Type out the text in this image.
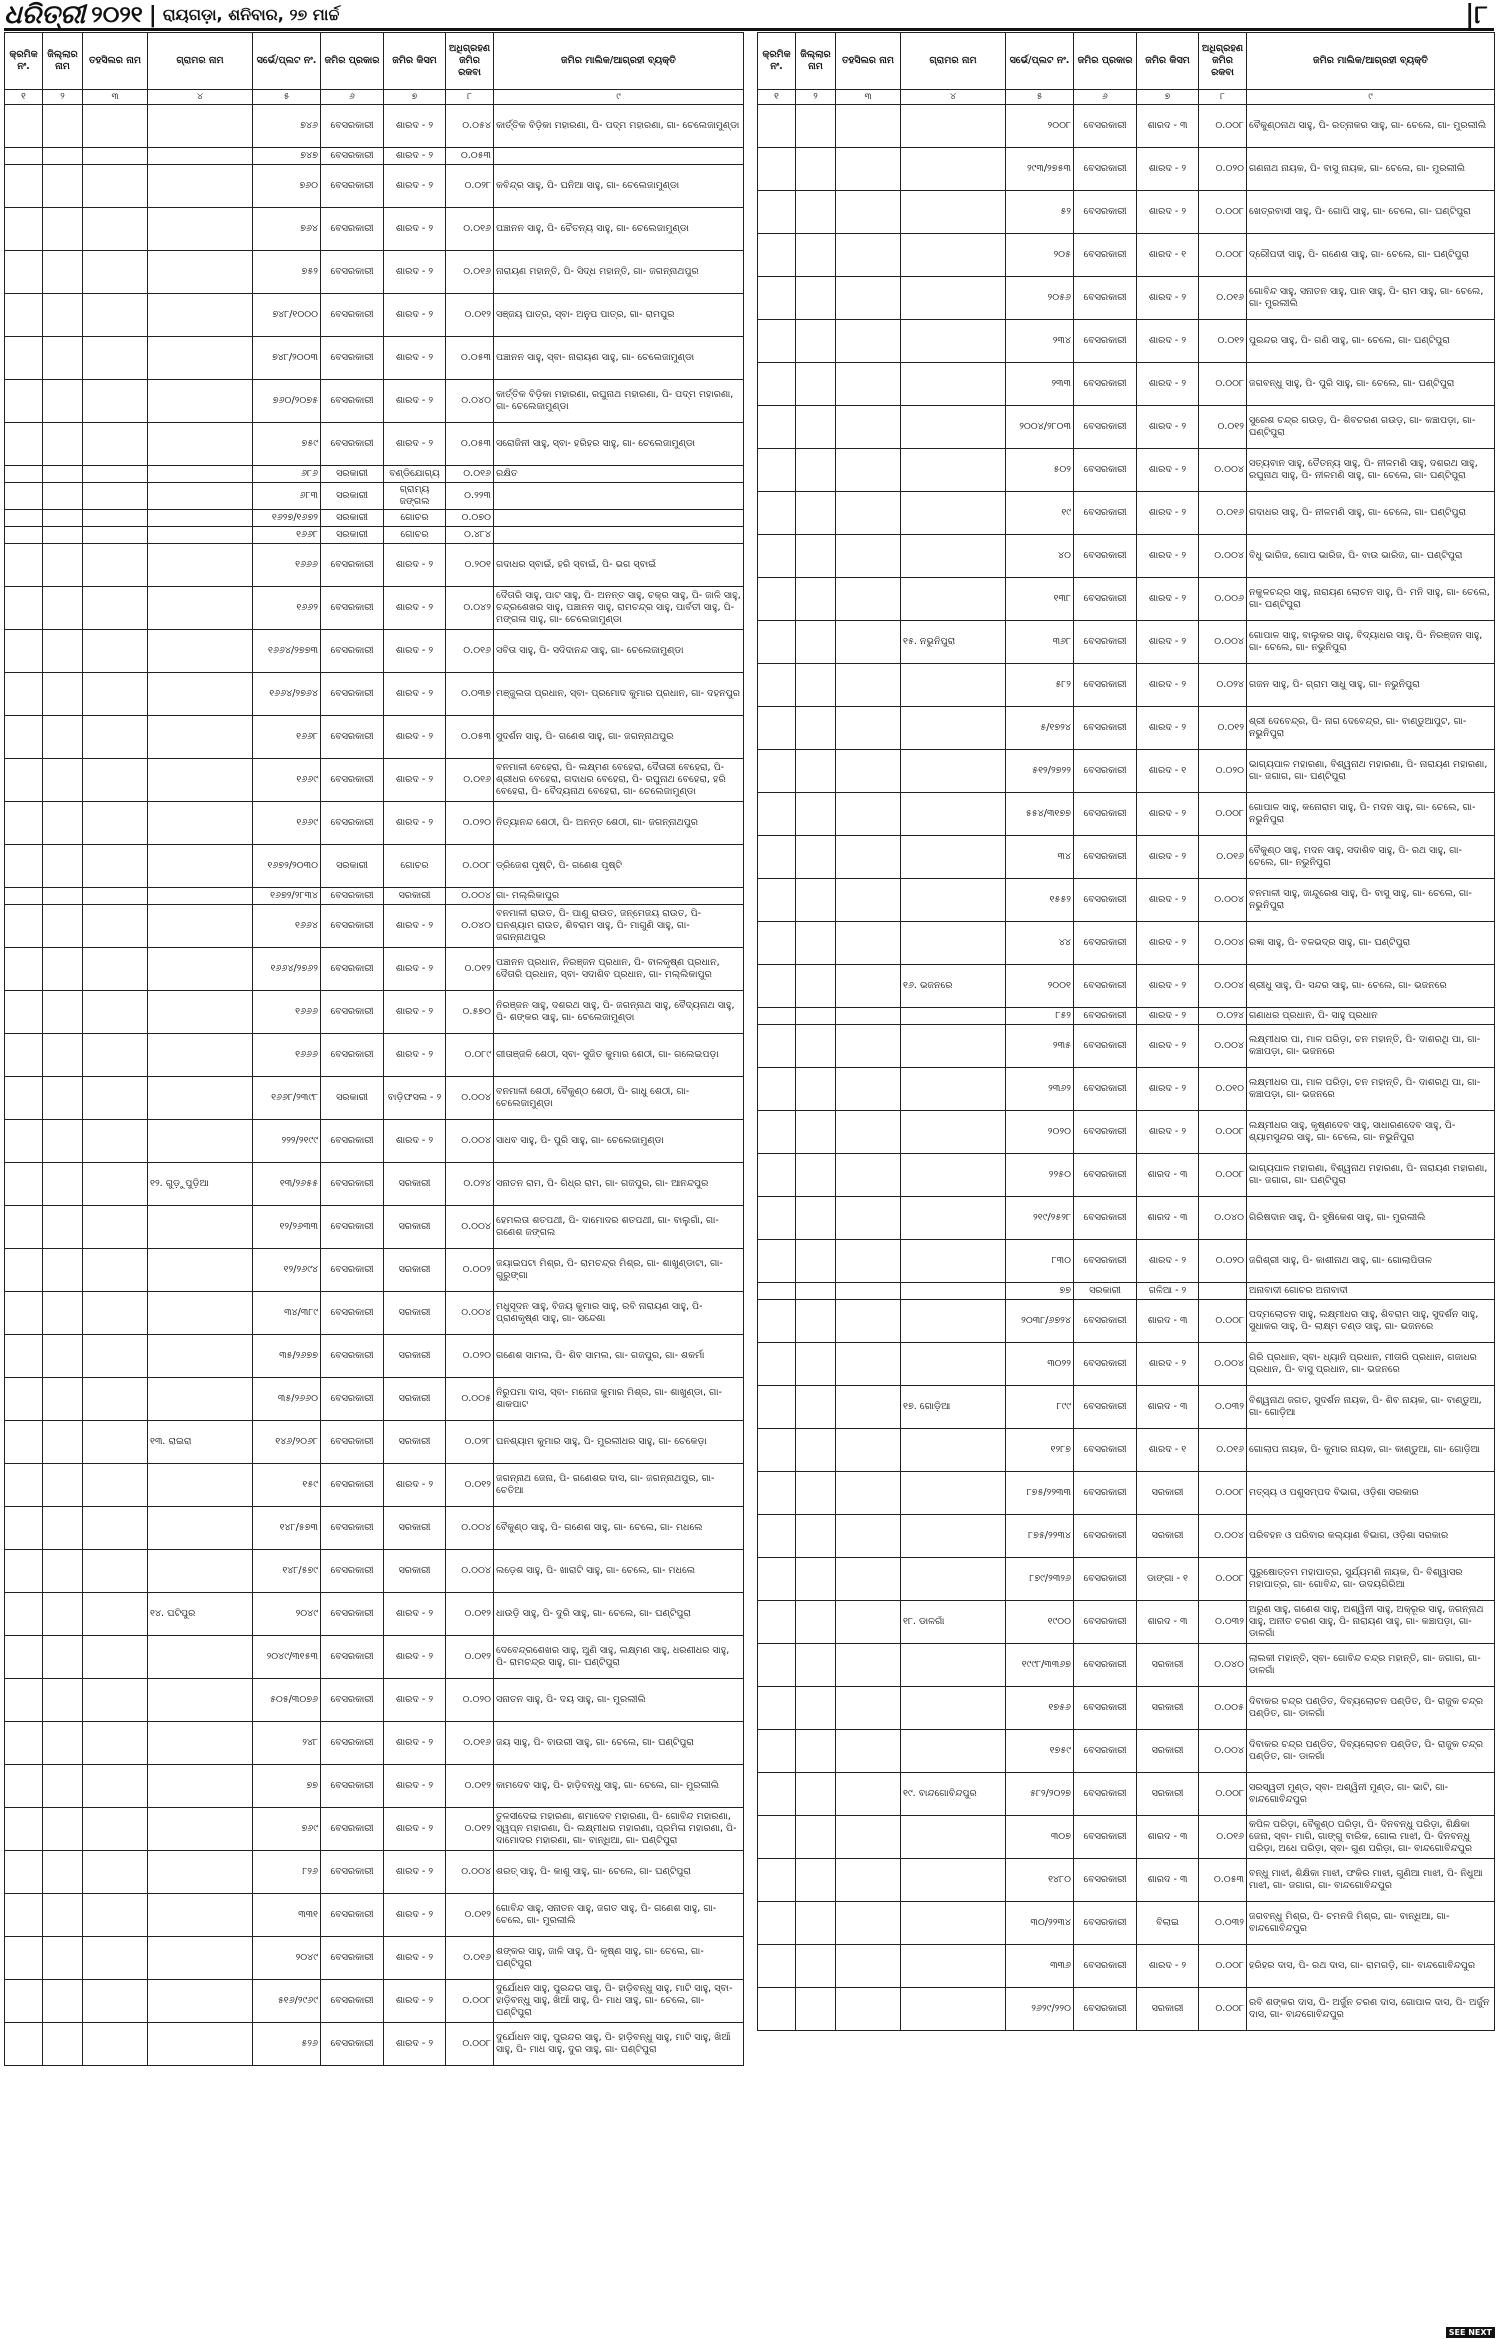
ଧରିତ୍ରୀ ୨୦୨୧ | ରାୟଗଡ଼ା, ଶନିବାର, ୨୭ ମାର୍ଚ୍ଚ	|୮
କ୍ରମିକ ନଂ.	ଜିଲ୍ଲାର ନାମ	ତହସିଲର ନାମ	ଗ୍ରାମର ନାମ	ସର୍ଭେ/ପ୍ଲଟ ନଂ.	ଜମିର ପ୍ରକାର	ଜମିର କିସମ	ଅଧିଗ୍ରହଣ ଜମିର ରକବା	ଜମିର ମାଲିକ/ଆଗ୍ରହୀ ବ୍ୟକ୍ତି
୧	୨	୩	୪	୫	୬	୭	୮	୯
				୭୪୬	ବେସରକାରୀ	ଶାରଦ - ୨	୦.୦୫୪	କାର୍ତ୍ତିକ ବିଡ଼ିକା ମହାରଣା, ପି- ପଦ୍ମ ମହାରଣା, ଗା- ଚେଲେଜାମୁଣ୍ଡା
				୭୪୭	ବେସରକାରୀ	ଶାରଦ - ୨	୦.୦୫୩	
				୭୬୦	ବେସରକାରୀ	ଶାରଦ - ୨	୦.୦୨୮	କବିନ୍ଦ୍ର ସାହୁ, ପି- ଘନିଆ ସାହୁ, ଗା- ଚେଲେଜାମୁଣ୍ଡା
				୭୬୪	ବେସରକାରୀ	ଶାରଦ - ୨	୦.୦୧୬	ପଞ୍ଚାନନ ସାହୁ, ପି- ଚୈତନ୍ୟ ସାହୁ, ଗା- ଚେଲେଜାମୁଣ୍ଡା
				୭୫୨	ବେସରକାରୀ	ଶାରଦ - ୨	୦.୦୧୬	ନାରାୟଣ ମହାନ୍ତି, ପି- ସିଦ୍ଧ ମହାନ୍ତି, ଗା- ଜଗନ୍ନାଥପୁର
				୭୪୮/୧୦୦୦	ବେସରକାରୀ	ଶାରଦ - ୨	୦.୦୧୨	ସଞ୍ଜୟ ପାତ୍ର, ସ୍ବା- ଅନୁପ ପାତ୍ର, ଗା- ରାମପୁର
				୭୪୮/୨୦୦୩	ବେସରକାରୀ	ଶାରଦ - ୨	୦.୦୫୩	ପଞ୍ଚାନନ ସାହୁ, ସ୍ବା- ନାରାୟଣ ସାହୁ, ଗା- ଚେଲେଜାମୁଣ୍ଡା
				୭୬୦/୨୦୭୫	ବେସରକାରୀ	ଶାରଦ - ୨	୦.୦୪୦	କାର୍ତ୍ତିକ ବିଡ଼ିକା ମହାରଣା, ରଘୁନାଥ ମହାରଣା, ପି- ପଦ୍ମ ମହାରଣା, ଗା- ଚେଲେଜାମୁଣ୍ଡା
				୭୫୯	ବେସରକାରୀ	ଶାରଦ - ୨	୦.୦୫୩	ସରୋଜିନୀ ସାହୁ, ସ୍ବା- ହରିହର ସାହୁ, ଗା- ଚେଲେଜାମୁଣ୍ଡା
				୬୮୬	ସରକାରୀ	ବଣ୍ଡିଯୋଗ୍ୟ	୦.୦୧୬	ରକ୍ଷିତ
				୬୮୩	ସରକାରୀ	ଗ୍ରାମ୍ୟ ଜଙ୍ଗଲ	୦.୨୨୩	
				୧୬୨୭/୧୬୭୨	ସରକାରୀ	ଗୋଚର	୦.୦୭୦	
				୧୬୬୮	ସରକାରୀ	ଗୋଚର	୦.୪୮୪	
				୧୬୬୬	ବେସରକାରୀ	ଶାରଦ - ୨	୦.୨୦୧	ଗଦାଧର ସ୍ବାଇଁ, ହରି ସ୍ବାଇଁ, ପି- ଭଗ ସ୍ବାଇଁ
				୧୬୬୨	ବେସରକାରୀ	ଶାରଦ - ୨	୦.୦୪୨	ଦୈତାରି ସାହୁ, ପାଟ ସାହୁ, ପି- ଅନନ୍ତ ସାହୁ, ଚକ୍ର ସାହୁ, ପି- ଜାଳି ସାହୁ, ଚନ୍ଦ୍ରଶେଖର ସାହୁ, ପଞ୍ଚାନନ ସାହୁ, ରାମଚନ୍ଦ୍ର ସାହୁ, ପାର୍ବତୀ ସାହୁ, ପି- ମଙ୍ଗଳା ସାହୁ, ଗା- ଚେଲେଜାମୁଣ୍ଡା
				୧୬୬୪/୨୭୭୩	ବେସରକାରୀ	ଶାରଦ - ୨	୦.୦୧୬	ସବିତା ସାହୁ, ପି- ସଦିଦାନନ୍ଦ ସାହୁ, ଗା- ଚେଲେଜାମୁଣ୍ଡା
				୧୬୬୪/୨୭୬୪	ବେସରକାରୀ	ଶାରଦ - ୨	୦.୦୩୭	ମଞ୍ଜୁଲତା ପ୍ରଧାନ, ସ୍ବା- ପ୍ରମୋଦ କୁମାର ପ୍ରଧାନ, ଗା- ଦହନପୁର
				୧୬୬୮	ବେସରକାରୀ	ଶାରଦ - ୨	୦.୦୫୩	ସୁଦର୍ଶନ ସାହୁ, ପି- ଗଣେଶ ସାହୁ, ଗା- ଜଗନ୍ନାଥପୁର
				୧୬୬୯	ବେସରକାରୀ	ଶାରଦ - ୨	୦.୦୧୬	ବନମାଳୀ ବେହେରା, ପି- ଲକ୍ଷ୍ମଣ ବେହେରା, ଦୈତାରୀ ବେହେରା, ପି- ଶ୍ରୀଧର ବେହେରା, ଗଦାଧର ବେହେରା, ପି- ରଘୁନାଥ ବେହେରା, ହରି ବେହେରା, ପି- ବୈଦ୍ୟନାଥ ବେହେରା, ଗା- ଚେଲେଜାମୁଣ୍ଡା
				୧୬୬୯	ବେସରକାରୀ	ଶାରଦ - ୨	୦.୦୨୦	ନିତ୍ୟାନନ୍ଦ ଶେଠୀ, ପି- ଅନନ୍ତ ଶେଠୀ, ଗା- ଜଗନ୍ନାଥପୁର
				୧୬୭୨/୨୦୩୦	ସରକାରୀ	ଗୋଚର	୦.୦୦୮	ଡ୍ରିଜେଶ ପୃଷ୍ଟି, ପି- ଗଣେଶ ପୃଷ୍ଟି
				୧୬୭୨/୨୮୩୪	ବେସରକାରୀ	ସରକାରୀ	୦.୦୦୪	ଗା- ମଲ୍ଲିକାପୁର
				୧୬୬୪	ବେସରକାରୀ	ଶାରଦ - ୨	୦.୦୪୦	ବନମାଳୀ ରାଉତ, ପି- ପାଣୁ ରାଉତ, ଜନ୍ମେଜୟ ରାଉତ, ପି- ଘନଶ୍ୟାମ ରାଉତ, ଶିବରାମ ସାହୁ, ପି- ମାଗୁଣି ସାହୁ, ଗା- ଜଗନ୍ନାଥପୁର
				୧୬୬୪/୨୭୬୨	ବେସରକାରୀ	ଶାରଦ - ୨	୦.୦୧୨	ପଞ୍ଚାନନ ପ୍ରଧାନ, ନିରଞ୍ଜନ ପ୍ରଧାନ, ପି- ବାଳକୃଷ୍ଣ ପ୍ରଧାନ, ଦୈତାରି ପ୍ରଧାନ, ସ୍ବା- ସଦାଶିବ ପ୍ରଧାନ, ଗା- ମଲ୍ଲିକାପୁର
				୧୬୬୬	ବେସରକାରୀ	ଶାରଦ - ୨	୦.୫୭୦	ନିରଞ୍ଜନ ସାହୁ, ଦଶରଥ ସାହୁ, ପି- ଜଗନ୍ନାଥ ସାହୁ, ବୈଦ୍ୟନାଥ ସାହୁ, ପି- ଶଙ୍କର ସାହୁ, ଗା- ଚେଲେଜାମୁଣ୍ଡା
				୧୬୬୬	ବେସରକାରୀ	ଶାରଦ - ୨	୦.୦୮୯	ଗୀତାଞ୍ଜଳି ଶେଠୀ, ସ୍ବା- ସୁଜିତ କୁମାର ଶେଠୀ, ଗା- ଗଲେଇପଡ଼ା
				୧୬୬୮/୨୩୯୮	ସରକାରୀ	ବାଡ଼ିଫସଲ - ୨	୦.୦୦୪	ବନମାଳୀ ଶେଠୀ, ବୈକୁଣ୍ଠ ଶେଠୀ, ପି- ଗାଧୁ ଶେଠୀ, ଗା- ଚେଲେଜାମୁଣ୍ଡା
				୨୨୨/୨୧୯୯	ବେସରକାରୀ	ଶାରଦ - ୨	୦.୦୦୪	ସାଧବ ସାହୁ, ପି- ପୁରି ସାହୁ, ଗା- ଚେଲେଜାମୁଣ୍ଡା
			୧୨. ଗୁଡ଼ୁପୁଡ଼ିଆ	୧୩/୨୬୫୫	ବେସରକାରୀ	ସରକାରୀ	୦.୦୨୪	ସନାତନ ରାମ, ପି- ଗିଧ୍ର ରାମ, ଗା- ଗଜପୁର, ଗା- ଆନନ୍ଦପୁର
				୧୨/୨୬୩୩	ବେସରକାରୀ	ସରକାରୀ	୦.୦୦୪	ହେମଲତା ଶତପଥୀ, ପି- ଦାମୋଦର ଶତପଥୀ, ଗା- ବାଲୁଗାଁ, ଗା- ଗଣେଶ ଜଙ୍ଗଲ
				୧୨/୨୬୯୪	ବେସରକାରୀ	ସରକାରୀ	୦.୦୦୨	ଜୟାଇପଟା ମିଶ୍ର, ପି- ରାମଚନ୍ଦ୍ର ମିଶ୍ର, ଗା- ଶାଖୁଣ୍ଡାଟା, ଗା- ଗୁରୁଙ୍ଗା
				୩୪/୩୮୯	ବେସରକାରୀ	ସରକାରୀ	୦.୦୦୪	ମଧୁସୂଦନ ସାହୁ, ବିଜୟ କୁମାର ସାହୁ, ରବି ନାରାୟଣ ସାହୁ, ପି- ପ୍ରାଣକୃଷ୍ଣ ସାହୁ, ଗା- ସନ୍ଦେଶା
				୩୫/୨୬୭୭	ବେସରକାରୀ	ସରକାରୀ	୦.୦୨୦	ଗଣେଶ ସାମଲ, ପି- ଶିବ ସାମଲ, ଗା- ଗଜପୁର, ଗା- ଶକର୍ମା
				୩୫/୨୬୬୦	ବେସରକାରୀ	ସରକାରୀ	୦.୦୦୫	ନିରୁପମା ଦାସ, ସ୍ବା- ମନୋଜ କୁମାର ମିଶ୍ର, ଗା- ଶାଖୁଣ୍ଡା, ଗା- ଶାକପାଟ
			୧୩. ରାଇରା	୧୪୬/୨୦୬୮	ବେସରକାରୀ	ସରକାରୀ	୦.୦୨୮	ଘନଶ୍ୟାମ କୁମାର ସାହୁ, ପି- ମୁରଲୀଧର ସାହୁ, ଗା- ଚେକେଡ଼ା
				୧୫୯	ବେସରକାରୀ	ଶାରଦ - ୨	୦.୦୧୨	ଜଗନ୍ନାଥ ଜେନା, ପି- ଗଣେଶର ଦାସ, ଗା- ଜଗନ୍ନାଥପୁର, ଗା- ଚେତିଆ
				୧୪୮/୫୭୩	ବେସରକାରୀ	ସରକାରୀ	୦.୦୦୪	ବୈକୁଣ୍ଠ ସାହୁ, ପି- ଗଣେଶ ସାହୁ, ଗା- ଚେଲେ, ଗା- ମଧଲେ
				୧୪୮/୫୭୯	ବେସରକାରୀ	ସରକାରୀ	୦.୦୦୪	ଲଡ଼େଶ ସାହୁ, ପି- ଖାରାଟି ସାହୁ, ଗା- ଚେଲେ, ଗା- ମଧଲେ
			୧୪. ଘଟିପୁର	୨୦୪୯	ବେସରକାରୀ	ଶାରଦ - ୨	୦.୦୧୨	ଧାଉଡ଼ି ସାହୁ, ପି- ଦୁରି ସାହୁ, ଗା- ଚେଲେ, ଗା- ଘଣ୍ଟିପୁରା
				୨୦୪୯/୩୧୫୩	ବେସରକାରୀ	ଶାରଦ - ୨	୦.୦୧୨	ଦେବେନ୍ଦ୍ରଶେଖର ସାହୁ, ଅୁଣି ସାହୁ, ଲକ୍ଷ୍ମଣ ସାହୁ, ଧରଣୀଧର ସାହୁ, ପି- ରାମଚନ୍ଦ୍ର ସାହୁ, ଗା- ଘଣ୍ଟିପୁରା
				୫୦୫/୩୦୭୬	ବେସରକାରୀ	ଶାରଦ - ୨	୦.୦୨୦	ସନାତନ ସାହୁ, ପି- ଦୟ ସାହୁ, ଗା- ମୁରଲୀଲି
				୨୪୮	ବେସରକାରୀ	ଶାରଦ - ୨	୦.୦୧୬	ଜୟ ସାହୁ, ପି- ବାଉରୀ ସାହୁ, ଗା- ଚେଲେ, ଗା- ଘଣ୍ଟିପୁରା
				୭୭	ବେସରକାରୀ	ଶାରଦ - ୨	୦.୦୧୨	କାମଦେବ ସାହୁ, ପି- ହାଡ଼ିବନ୍ଧୁ ସାହୁ, ଗା- ଚେଲେ, ଗା- ମୁରଲୀଲି
				୭୬୯	ବେସରକାରୀ	ଶାରଦ - ୨	୦.୦୧୨	ତୁଳସୀଦେଇ ମହାରଣା, ଶମାଦେବ ମହାରଣା, ପି- ଗୋବିନ୍ଦ ମହାରଣା, ସ୍ୱପ୍ନ ମହାରଣା, ପି- ଲକ୍ଷ୍ମୀଧର ମହାରଣା, ପ୍ରମିଳା ମହାରଣା, ପି- ଦାମୋଦର ମହାରଣା, ଗା- ବାନ୍ଧିଆ, ଗା- ଘଣ୍ଟିପୁରା
				୮୨୬	ବେସରକାରୀ	ଶାରଦ - ୨	୦.୦୦୪	ଶରତ୍ ସାହୁ, ପି- କାଶୁ ସାହୁ, ଗା- ଚେଲେ, ଗା- ଘଣ୍ଟିପୁରା
				୩୩୧	ବେସରକାରୀ	ଶାରଦ - ୨	୦.୦୧୨	ଗୋବିନ୍ଦ ସାହୁ, ସନାତନ ସାହୁ, ଜଗତ ସାହୁ, ପି- ଗଣେଶ ସାହୁ, ଗା- ଚେଲେ, ଗା- ମୁରଲୀଲି
				୨୦୪୯	ବେସରକାରୀ	ଶାରଦ - ୨	୦.୦୧୬	ଶଙ୍କର ସାହୁ, ଜାଳି ସାହୁ, ପି- କୃଷ୍ଣ ସାହୁ, ଗା- ଚେଲେ, ଗା- ଘଣ୍ଟିପୁରା
				୫୧୬/୨୯୬୯	ବେସରକାରୀ	ଶାରଦ - ୨	୦.୦୦୮	ଦୁର୍ଯୋଧନ ସାହୁ, ପୁରନ୍ଦର ସାହୁ, ପି- ହାଡ଼ିବନ୍ଧୁ ସାହୁ, ମାଟି ସାହୁ, ସ୍ବା- ହାଡ଼ିବନ୍ଧୁ ସାହୁ, ଖିଆଁ ସାହୁ, ପି- ମାଧ ସାହୁ, ଗା- ଚେଲେ, ଗା- ଘଣ୍ଟିପୁରା
				୫୨୬	ବେସରକାରୀ	ଶାରଦ - ୨	୦.୦୦୮	ଦୁର୍ଯୋଧନ ସାହୁ, ପୁରନ୍ଦର ସାହୁ, ପି- ହାଡ଼ିବନ୍ଧୁ ସାହୁ, ମାଟି ସାହୁ, ଖିଆଁ ସାହୁ, ପି- ମାଧ ସାହୁ, ଦୁର ସାହୁ, ଗା- ଘଣ୍ଟିପୁରା
କ୍ରମିକ ନଂ.	ଜିଲ୍ଲାର ନାମ	ତହସିଲର ନାମ	ଗ୍ରାମର ନାମ	ସର୍ଭେ/ପ୍ଲଟ ନଂ.	ଜମିର ପ୍ରକାର	ଜମିର କିସମ	ଅଧିଗ୍ରହଣ ଜମିର ରକବା	ଜମିର ମାଲିକ/ଆଗ୍ରହୀ ବ୍ୟକ୍ତି
୧	୨	୩	୪	୫	୬	୭	୮	୯
				୨୦୦୮	ବେସରକାରୀ	ଶାରଦ - ୩	୦.୦୦୮	ବୈକୁଣ୍ଠନାଥ ସାହୁ, ପି- ରତ୍ନାକର ସାହୁ, ଗା- ଚେଲେ, ଗା- ମୁରଲୀଲି
				୨୯୩/୨୭୫୩	ବେସରକାରୀ	ଶାରଦ - ୨	୦.୦୨୦	ଗଣନାଥ ନାୟକ, ପି- ବାସୁ ନାୟକ, ଗା- ଚେଲେ, ଗା- ମୁରଲୀଲି
				୫୨	ବେସରକାରୀ	ଶାରଦ - ୨	୦.୦୦୮	ଖେତ୍ରବାସୀ ସାହୁ, ପି- ଗୋପି ସାହୁ, ଗା- ଚେଲେ, ଗା- ଘଣ୍ଟିପୁରା
				୨୦୫	ବେସରକାରୀ	ଶାରଦ - ୧	୦.୦୦୮	ଦ୍ରୌପଦୀ ସାହୁ, ପି- ଗଣେଶ ସାହୁ, ଗା- ଚେଲେ, ଗା- ଘଣ୍ଟିପୁରା
				୨୦୫୬	ବେସରକାରୀ	ଶାରଦ - ୨	୦.୦୧୬	ଗୋବିନ୍ଦ ସାହୁ, ସନାତନ ସାହୁ, ପାନ ସାହୁ, ପି- ରାମ ସାହୁ, ଗା- ଚେଲେ, ଗା- ମୁରଲୀଲି
				୨୩୪	ବେସରକାରୀ	ଶାରଦ - ୨	୦.୦୧୨	ପୁରନ୍ଦର ସାହୁ, ପି- ଗଣି ସାହୁ, ଗା- ଚେଲେ, ଗା- ଘଣ୍ଟିପୁରା
				୨୩୩	ବେସରକାରୀ	ଶାରଦ - ୨	୦.୦୦୮	ଜଗବନ୍ଧୁ ସାହୁ, ପି- ପୁରି ସାହୁ, ଗା- ଚେଲେ, ଗା- ଘଣ୍ଟିପୁରା
				୨୦୦୪/୨୮୦୩	ବେସରକାରୀ	ଶାରଦ - ୨	୦.୦୧୨	ସୁରେଶ ଚନ୍ଦ୍ର ଗଉଡ଼, ପି- ଶିବଚରଣ ଗଉଡ଼, ଗା- କଞ୍ଚାପଡ଼ା, ଗା- ଘଣ୍ଟିପୁରା
				୫୦୨	ବେସରକାରୀ	ଶାରଦ - ୨	୦.୦୦୪	ସତ୍ୟବାନ ସାହୁ, ତୈତନ୍ୟ ସାହୁ, ପି- ନୀଳମଣି ସାହୁ, ଦଶରଥ ସାହୁ, ରଘୁନାଥ ସାହୁ, ପି- ନୀଳମଣି ସାହୁ, ଗା- ଚେଲେ, ଗା- ଘଣ୍ଟିପୁରା
				୧୯	ବେସରକାରୀ	ଶାରଦ - ୨	୦.୦୧୬	ଗଦାଧର ସାହୁ, ପି- ନୀଳମଣି ସାହୁ, ଗା- ଚେଲେ, ଗା- ଘଣ୍ଟିପୁରା
				୪୦	ବେସରକାରୀ	ଶାରଦ - ୨	୦.୦୦୪	ବିଧୁ ଭାରିଜ, ଗୋପ ଭାରିଜ, ପି- ବାଉ ଭାରିଜ, ଗା- ଘଣ୍ଟିପୁରା
				୧୩୮	ବେସରକାରୀ	ଶାରଦ - ୨	୦.୦୦୬	ନକୁଳଚନ୍ଦ୍ର ସାହୁ, ନାରାୟଣ ଲୋଚନ ସାହୁ, ପି- ମନି ସାହୁ, ଗା- ଚେଲେ, ଗା- ଘଣ୍ଟିପୁରା
			୧୫. ନଭୁନିପୁରା	୩୬୮	ବେସରକାରୀ	ଶାରଦ - ୨	୦.୦୦୪	ଗୋପାଳ ସାହୁ, ବାଲୁକର ସାହୁ, ବିଦ୍ୟାଧର ସାହୁ, ପି- ନିରଞ୍ଜନ ସାହୁ, ଗା- ଚେଲେ, ଗା- ନଭୁନିପୁରା
				୫୮୨	ବେସରକାରୀ	ଶାରଦ - ୨	୦.୦୨୪	ଗଜନ ସାହୁ, ପି- ଗ୍ରାମ ସାଧୁ ସାହୁ, ଗା- ନଭୁନିପୁରା
				୫/୧୭୨୪	ବେସରକାରୀ	ଶାରଦ - ୨	୦.୦୧୨	ଶ୍ରୀ ଦେବେନ୍ଦ୍ର, ପି- ନାଗ ଦେବେନ୍ଦ୍ର, ଗା- ବାଣ୍ଡୁଆପୁଟ, ଗା- ନଭୁନିପୁରା
				୫୧୨/୨୭୨୨	ବେସରକାରୀ	ଶାରଦ - ୧	୦.୦୨୦	ଭାଗ୍ୟପାଳ ମହାରଣା, ବିଶ୍ୱନାଥ ମହାରଣା, ପି- ନାରାୟଣ ମହାରଣା, ଗା- ଜଗାଗ, ଗା- ଘଣ୍ଟିପୁରା
				୫୫୪/୩୧୭୭	ବେସରକାରୀ	ଶାରଦ - ୨	୦.୦୦୮	ଗୋପାଳ ସାହୁ, କନୋରାମ ସାହୁ, ପି- ମଦନ ସାହୁ, ଗା- ଚେଲେ, ଗା- ନଭୁନିପୁରା
				୩୪	ବେସରକାରୀ	ଶାରଦ - ୨	୦.୦୧୬	ବୈକୁଣ୍ଠ ସାହୁ, ମଦନ ସାହୁ, ସଦାଶିବ ସାହୁ, ପି- ରଥ ସାହୁ, ଗା- ଚେଲେ, ଗା- ନଭୁନିପୁରା
				୧୫୫୨	ବେସରକାରୀ	ଶାରଦ - ୨	୦.୦୦୪	ବନମାଳୀ ସାହୁ, ଜାନ୍ଦୁରେଶ ସାହୁ, ପି- ବାସୁ ସାହୁ, ଗା- ଚେଲେ, ଗା- ନଭୁନିପୁରା
				୪୪	ବେସରକାରୀ	ଶାରଦ - ୨	୦.୦୦୪	ରଜ୍ଞା ସାହୁ, ପି- ବଳଭଦ୍ର ସାହୁ, ଗା- ଘଣ୍ଟିପୁରା
			୧୬. ଭଜନରେ	୨୦୦୧	ବେସରକାରୀ	ଶାରଦ - ୨	୦.୦୦୪	ଶ୍ରୀଧୁ ସାହୁ, ପି- ସନ୍ଦର ସାହୁ, ଗା- ଚେଲେ, ଗା- ଭଜନରେ
				୮୫୨	ବେସରକାରୀ	ଶାରଦ - ୨	୦.୦୨୪	ଗଣାଧର ପ୍ରଧାନ, ପି- ସାହୁ ପ୍ରଧାନ
				୨୩୫	ବେସରକାରୀ	ଶାରଦ - ୨	୦.୦୦୪	ଲକ୍ଷ୍ମୀଧର ପା, ମାଳ ପରିଡ଼ା, ଚନ ମହାନ୍ତି, ପି- ଦାଶରଥି ପା, ଗା- କଞ୍ଚାପଡ଼ା, ଗା- ଭଜନରେ
				୨୩୬୨	ବେସରକାରୀ	ଶାରଦ - ୨	୦.୦୧୦	ଲକ୍ଷ୍ମୀଧର ପା, ମାଳ ପରିଡ଼ା, ଚନ ମହାନ୍ତି, ପି- ଦାଶରଥି ପା, ଗା- କଞ୍ଚାପଡ଼ା, ଗା- ଭଜନରେ
				୨୦୨୦	ବେସରକାରୀ	ଶାରଦ - ୨	୦.୦୦୮	ଲକ୍ଷ୍ମୀଧର ସାହୁ, କୃଷ୍ଣଦେବ ସାହୁ, ସାଧାରଣଦେବ ସାହୁ, ପି- ଶ୍ୟାମସୁନ୍ଦର ସାହୁ, ଗା- ଚେଲେ, ଗା- ନଭୁନିପୁରା
				୨୨୫୦	ବେସରକାରୀ	ଶାରଦ - ୩	୦.୦୦୮	ଭାଗ୍ୟପାଳ ମହାରଣା, ବିଶ୍ୱନାଥ ମହାରଣା, ପି- ନାରାୟଣ ମହାରଣା, ଗା- ଜଗାଗ, ଗା- ଘଣ୍ଟିପୁରା
				୨୧୯/୨୫୨୮	ବେସରକାରୀ	ଶାରଦ - ୩	୦.୦୪୦	ଗିରିଷଦାନ ସାହୁ, ପି- ହୃଷିକେଶ ସାହୁ, ଗା- ମୁରଲୀଲି
				୮୩୦	ବେସରକାରୀ	ଶାରଦ - ୨	୦.୦୨୦	ଜଗିଶ୍ରୀ ସାହୁ, ପି- କାଶୀନାଥ ସାହୁ, ଗା- ଗୋଲାପିତାଳ
				୭୭	ସରକାରୀ	ଗଳିଆ - ୨		ଅନାବାଦୀ ଗୋଚର ଅନାବାଦୀ
				୨୦୩୮/୬୭୨୪	ବେସରକାରୀ	ଶାରଦ - ୩	୦.୦୦୮	ପଦ୍ମଲୋଚନ ସାହୁ, ଲକ୍ଷ୍ମୀଧର ସାହୁ, ଶିବରାମ ସାହୁ, ସୁଦର୍ଶନ ସାହୁ, ସୁଧାକର ସାହୁ, ପି- ଲାକ୍ଷ୍ମ ଚଣ୍ଡ ସାହୁ, ଗା- ଭଜନରେ
				୩୦୨୨	ବେସରକାରୀ	ଶାରଦ - ୨	୦.୦୦୪	ଗିରି ପ୍ରଧାନ, ସ୍ବା- ଧ୍ୟାନି ପ୍ରଧାନ, ମୀତାରି ପ୍ରଧାନ, ଗଜାଧର ପ୍ରଧାନ, ପି- ବାସୁ ପ୍ରଧାନ, ଗା- ଭଜନରେ
			୧୭. ଗୋଡ଼ିଆ	୮୯୯	ବେସରକାରୀ	ଶାରଦ - ୩	୦.୦୩୨	ବିଶ୍ୱନାଥ ଜଗତ, ସୁଦର୍ଶନ ନାୟକ, ପି- ଶିବ ନାୟକ, ଗା- ବାଣ୍ଡୁଆ, ଗା- ଗୋଡ଼ିଆ
				୧୨୮୭	ବେସରକାରୀ	ଶାରଦ - ୧	୦.୦୧୬	ଗୋଲାପ ନାୟକ, ପି- କୁମାର ନାୟକ, ଗା- କାଣ୍ଡୁଆ, ଗା- ଗୋଡ଼ିଆ
				୮୭୫/୨୨୩୩	ବେସରକାରୀ	ସରକାରୀ	୦.୦୦୮	ମତ୍ସ୍ୟ ଓ ପଶୁସମ୍ପଦ ବିଭାଗ, ଓଡ଼ିଶା ସରକାର
				୮୭୫/୨୨୩୪	ବେସରକାରୀ	ସରକାରୀ	୦.୦୦୪	ପରିବହନ ଓ ପରିବାର କଲ୍ୟାଣ ବିଭାଗ, ଓଡ଼ିଶା ସରକାର
				୮୭୯/୨୩୨୬	ବେସରକାରୀ	ଡାଙ୍ଗା - ୧	୦.୦୦୮	ପୁରୁଷୋତ୍ତମ ମହାପାତ୍ର, ସୁର୍ଯ୍ୟମଣି ନାୟକ, ପି- ବିଶ୍ୱାସର ମହାପାତ୍ର, ଗା- ଗୋବିନ୍ଦ, ଗା- ଉଦୟଗିରିଆ
			୧୮. ଡାଳଗାଁ	୧୯୦୦	ବେସରକାରୀ	ଶାରଦ - ୩	୦.୦୩୨	ଅରୁଣ ସାହୁ, ଗଣେଶ ସାହୁ, ଅଶ୍ୱିନୀ ସାହୁ, ଅକ୍ରୂର ସାହୁ, ଜଗନ୍ନାଥ ସାହୁ, ଅନୀତ ଚରଣ ସାହୁ, ପି- ନାରାୟଣ ସାହୁ, ଗା- କଞ୍ଚାପଡ଼ା, ଗା- ଡାଳଗାଁ
				୧୯୯୮/୩୩୬୭	ବେସରକାରୀ	ସରକାରୀ	୦.୦୪୦	ଲାଲକୀ ମହାନ୍ତି, ସ୍ବା- ଗୋବିନ୍ଦ ଚନ୍ଦ୍ର ମହାନ୍ତି, ଗା- ଜଗାଗ, ଗା- ଡାଳଗାଁ
				୧୭୫୬	ବେସରକାରୀ	ସରକାରୀ	୦.୦୦୫	ଦିବାକର ଚନ୍ଦ୍ର ପଣ୍ଡିତ, ଦିବ୍ୟଲୋଚନ ପଣ୍ଡିତ, ପି- ରାଜୁକ ଚନ୍ଦ୍ର ପଣ୍ଡିତ, ଗା- ଡାଳଗାଁ
				୧୭୫୯	ବେସରକାରୀ	ସରକାରୀ	୦.୦୦୪	ଦିବାକର ଚନ୍ଦ୍ର ପଣ୍ଡିତ, ଦିବ୍ୟଲୋଚନ ପଣ୍ଡିତ, ପି- ରାଜୁକ ଚନ୍ଦ୍ର ପଣ୍ଡିତ, ଗା- ଡାଳଗାଁ
			୧୯. ବାନ୍ଦଗୋବିନ୍ଦପୁର	୫୮୨/୨୦୨୭	ବେସରକାରୀ	ସରକାରୀ	୦.୦୦୮	ସରସ୍ୱତୀ ମୁଣ୍ଡ, ସ୍ବା- ଅଶ୍ୱିନୀ ମୁଣ୍ଡ, ଗା- ଭାଟି, ଗା- ବାନ୍ଦଗୋବିନ୍ଦପୁର
				୩୦୭	ବେସରକାରୀ	ଶାରଦ - ୩	୦.୦୧୬	କପିଳ ପରିଡ଼ା, ବୈକୁଣ୍ଠ ପରିଡ଼ା, ପି- ଦିନବନ୍ଧୁ ପରିଡ଼ା, ଶିକ୍ଷିକା ଜେନା, ସ୍ବା- ମାଗି, ଗାଙ୍ଗୁ ବାରିକ, ଗୋଲ ମାଝୀ, ପି- ଦିନବନ୍ଧୁ ପରିଡ଼ା, ଅଧେ ପରିଡ଼ା, ସ୍ବା- ଗୁଣ ପରିଡ଼ା, ଗା- ବାନ୍ଦଗୋବିନ୍ଦପୁର
				୧୪୮୦	ବେସରକାରୀ	ଶାରଦ - ୩	୦.୦୫୩	ବନ୍ଧୁ ମାଝୀ, ଶିକ୍ଷିକା ମାଝୀ, ଫକିର ମାଝୀ, ଗୁଣିଆ ମାଝୀ, ପି- ନିଧୁଆ ମାଝୀ, ଗା- ଜଗାଗ, ଗା- ବାନ୍ଦଗୋବିନ୍ଦପୁର
				୩୦/୨୨୩୪	ବେସରକାରୀ	ବିଲାଇ	୦.୦୩୨	ଜଗବନ୍ଧୁ ମିଶ୍ର, ପି- ଚମନଜି ମିଶ୍ର, ଗା- ବାନ୍ଧିଆ, ଗା- ବାନ୍ଦଗୋବିନ୍ଦପୁର
				୩୩୬	ବେସରକାରୀ	ଶାରଦ - ୨	୦.୦୦୮	ହରିହର ଦାସ, ପି- ରଥ ଦାସ, ଗା- ରାମଗଡ଼ି, ଗା- ବାନ୍ଦଗୋବିନ୍ଦପୁର
				୨୬୨୯/୨୨୦	ବେସରକାରୀ	ସରକାରୀ	୦.୦୦୮	ରବି ଶଙ୍କର ଦାସ, ପି- ଅର୍ଜୁନ ଚରଣ ଦାସ, ଗୋପାଳ ଦାସ, ପି- ଅର୍ଜୁନ ଦାସ, ଗା- ବାନ୍ଦଗୋବିନ୍ଦପୁର
SEE NEXT
